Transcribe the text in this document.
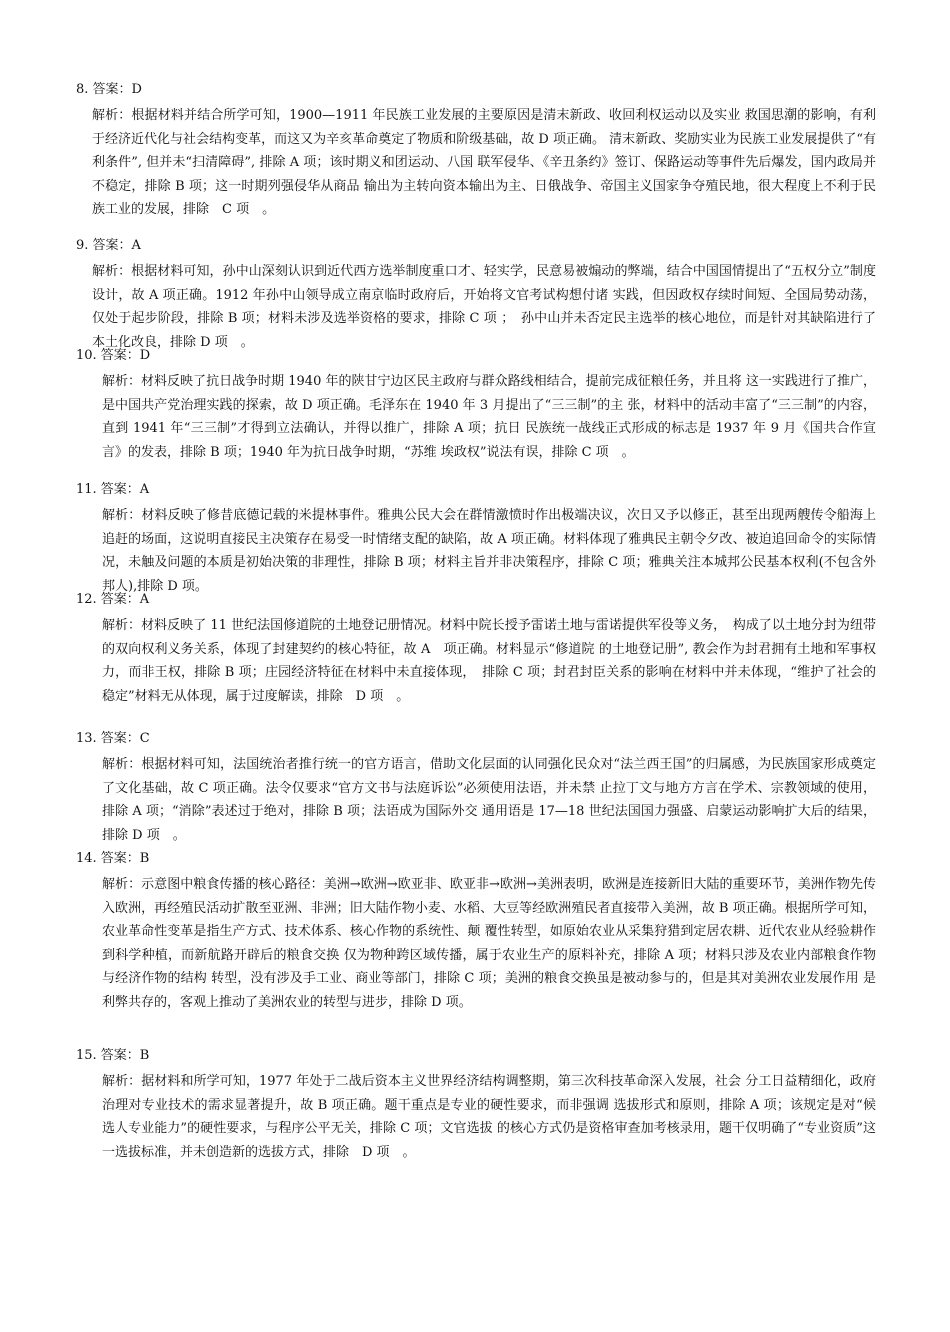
8. 答案：D

解析：根据材料并结合所学可知，1900—1911 年民族工业发展的主要原因是清末新政、收回利权运动以及实业 救国思潮的影响，有利于经济近代化与社会结构变革，而这又为辛亥革命奠定了物质和阶级基础，故 D 项正确。 清末新政、奖励实业为民族工业发展提供了“有利条件”, 但并未“扫清障碍”, 排除 A 项；该时期义和团运动、八国 联军侵华、《辛丑条约》签订、保路运动等事件先后爆发，国内政局并不稳定，排除 B 项；这一时期列强侵华从商品 输出为主转向资本输出为主、日俄战争、帝国主义国家争夺殖民地，很大程度上不利于民族工业的发展，排除　C 项　。

9. 答案：A

解析：根据材料可知，孙中山深刻认识到近代西方选举制度重口才、轻实学，民意易被煽动的弊端，结合中国国情提出了“五权分立”制度设计，故 A 项正确。1912 年孙中山领导成立南京临时政府后，开始将文官考试构想付诸 实践，但因政权存续时间短、全国局势动荡，仅处于起步阶段，排除 B 项；材料未涉及选举资格的要求，排除 C 项 ；　孙中山并未否定民主选举的核心地位，而是针对其缺陷进行了本土化改良，排除 D 项　。

10. 答案：D

解析：材料反映了抗日战争时期 1940 年的陕甘宁边区民主政府与群众路线相结合，提前完成征粮任务，并且将 这一实践进行了推广，是中国共产党治理实践的探索，故 D 项正确。毛泽东在 1940 年 3 月提出了“三三制”的主 张，材料中的活动丰富了“三三制”的内容，直到 1941 年“三三制”才得到立法确认，并得以推广，排除 A 项；抗日 民族统一战线正式形成的标志是 1937 年 9 月《国共合作宣言》的发表，排除 B 项；1940 年为抗日战争时期，“苏维 埃政权”说法有误，排除 C 项　。

11. 答案：A

解析：材料反映了修昔底德记载的米提林事件。雅典公民大会在群情激愤时作出极端决议，次日又予以修正，甚至出现两艘传令船海上追赶的场面，这说明直接民主决策存在易受一时情绪支配的缺陷，故 A 项正确。材料体现了雅典民主朝令夕改、被迫追回命令的实际情况，未触及问题的本质是初始决策的非理性，排除 B 项；材料主旨并非决策程序，排除 C 项；雅典关注本城邦公民基本权利(不包含外邦人),排除 D 项。

12. 答案：A

解析：材料反映了 11 世纪法国修道院的土地登记册情况。材料中院长授予雷诺土地与雷诺提供军役等义务，　构成了以土地分封为纽带的双向权利义务关系，体现了封建契约的核心特征，故 A　项正确。材料显示“修道院 的土地登记册”, 教会作为封君拥有土地和军事权力，而非王权，排除 B 项；庄园经济特征在材料中未直接体现，　排除 C 项；封君封臣关系的影响在材料中并未体现，“维护了社会的稳定”材料无从体现，属于过度解读，排除　D 项　。

13. 答案：C

解析：根据材料可知，法国统治者推行统一的官方语言，借助文化层面的认同强化民众对“法兰西王国”的归属感，为民族国家形成奠定了文化基础，故 C 项正确。法令仅要求“官方文书与法庭诉讼”必须使用法语，并未禁 止拉丁文与地方方言在学术、宗教领域的使用，排除 A 项；“消除”表述过于绝对，排除 B 项；法语成为国际外交 通用语是 17—18 世纪法国国力强盛、启蒙运动影响扩大后的结果，排除 D 项　。

14. 答案：B

解析：示意图中粮食传播的核心路径：美洲→欧洲→欧亚非、欧亚非→欧洲→美洲表明，欧洲是连接新旧大陆的重要环节，美洲作物先传入欧洲，再经殖民活动扩散至亚洲、非洲；旧大陆作物小麦、水稻、大豆等经欧洲殖民者直接带入美洲，故 B 项正确。根据所学可知，农业革命性变革是指生产方式、技术体系、核心作物的系统性、颠 覆性转型，如原始农业从采集狩猎到定居农耕、近代农业从经验耕作到科学种植，而新航路开辟后的粮食交换 仅为物种跨区域传播，属于农业生产的原料补充，排除 A 项；材料只涉及农业内部粮食作物与经济作物的结构 转型，没有涉及手工业、商业等部门，排除 C 项；美洲的粮食交换虽是被动参与的，但是其对美洲农业发展作用 是利弊共存的，客观上推动了美洲农业的转型与进步，排除 D 项。

15. 答案：B

解析：据材料和所学可知，1977 年处于二战后资本主义世界经济结构调整期，第三次科技革命深入发展，社会 分工日益精细化，政府治理对专业技术的需求显著提升，故 B 项正确。题干重点是专业的硬性要求，而非强调 选拔形式和原则，排除 A 项；该规定是对“候选人专业能力”的硬性要求，与程序公平无关，排除 C 项；文官选拔 的核心方式仍是资格审查加考核录用，题干仅明确了“专业资质”这一选拔标准，并未创造新的选拔方式，排除　D 项　。
